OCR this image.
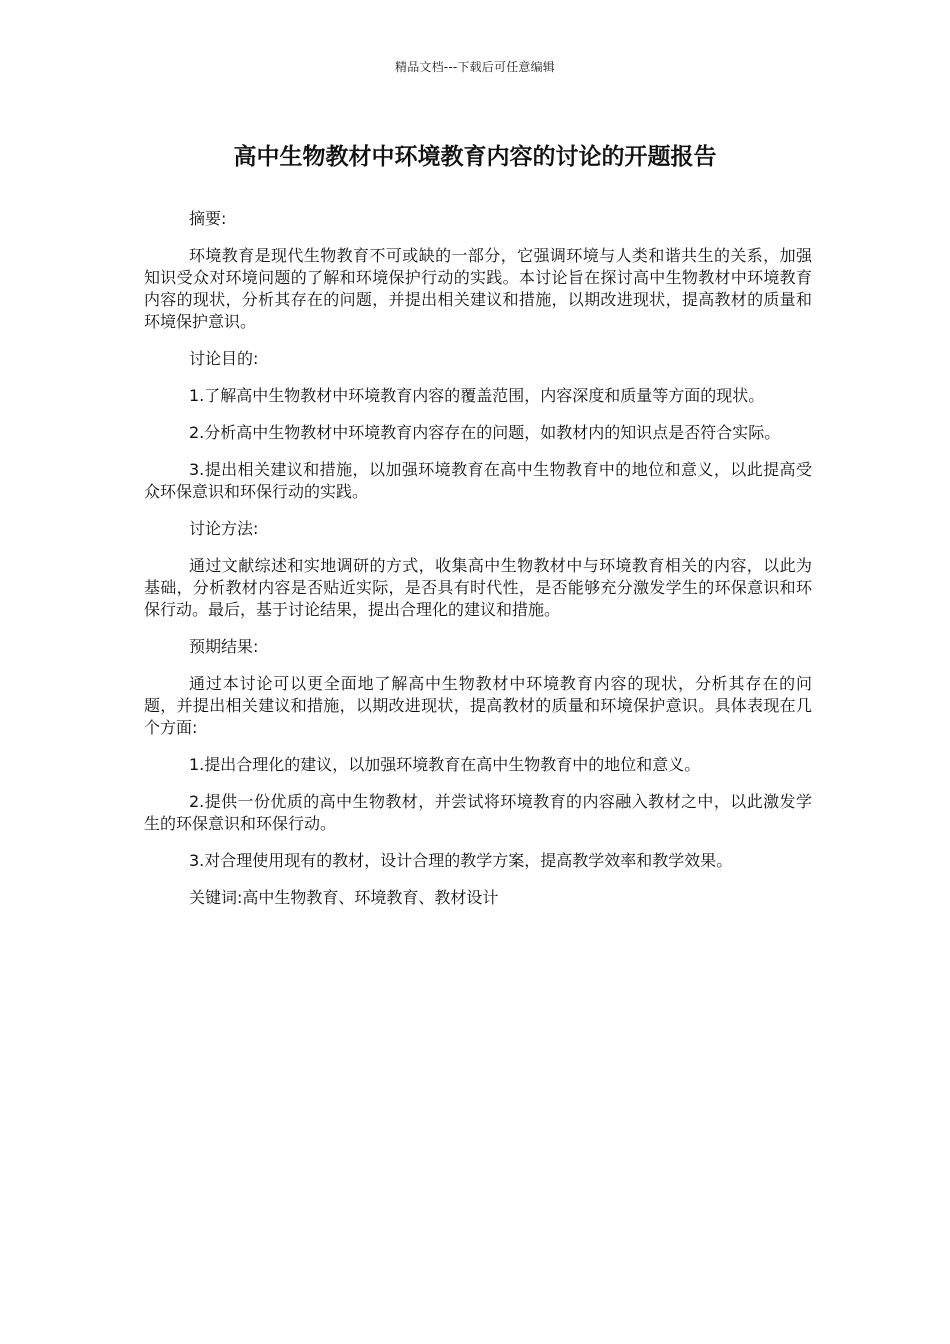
精品文档---下载后可任意编辑
高中生物教材中环境教育内容的讨论的开题报告

摘要:

环境教育是现代生物教育不可或缺的一部分，它强调环境与人类和谐共生的关系，加强知识受众对环境问题的了解和环境保护行动的实践。本讨论旨在探讨高中生物教材中环境教育内容的现状，分析其存在的问题，并提出相关建议和措施，以期改进现状，提高教材的质量和环境保护意识。

讨论目的:

1.了解高中生物教材中环境教育内容的覆盖范围，内容深度和质量等方面的现状。

2.分析高中生物教材中环境教育内容存在的问题，如教材内的知识点是否符合实际。

3.提出相关建议和措施，以加强环境教育在高中生物教育中的地位和意义，以此提高受众环保意识和环保行动的实践。

讨论方法:

通过文献综述和实地调研的方式，收集高中生物教材中与环境教育相关的内容，以此为基础，分析教材内容是否贴近实际，是否具有时代性，是否能够充分激发学生的环保意识和环保行动。最后，基于讨论结果，提出合理化的建议和措施。

预期结果:

通过本讨论可以更全面地了解高中生物教材中环境教育内容的现状，分析其存在的问题，并提出相关建议和措施，以期改进现状，提高教材的质量和环境保护意识。具体表现在几个方面:

1.提出合理化的建议，以加强环境教育在高中生物教育中的地位和意义。

2.提供一份优质的高中生物教材，并尝试将环境教育的内容融入教材之中，以此激发学生的环保意识和环保行动。

3.对合理使用现有的教材，设计合理的教学方案，提高教学效率和教学效果。

关键词:高中生物教育、环境教育、教材设计
